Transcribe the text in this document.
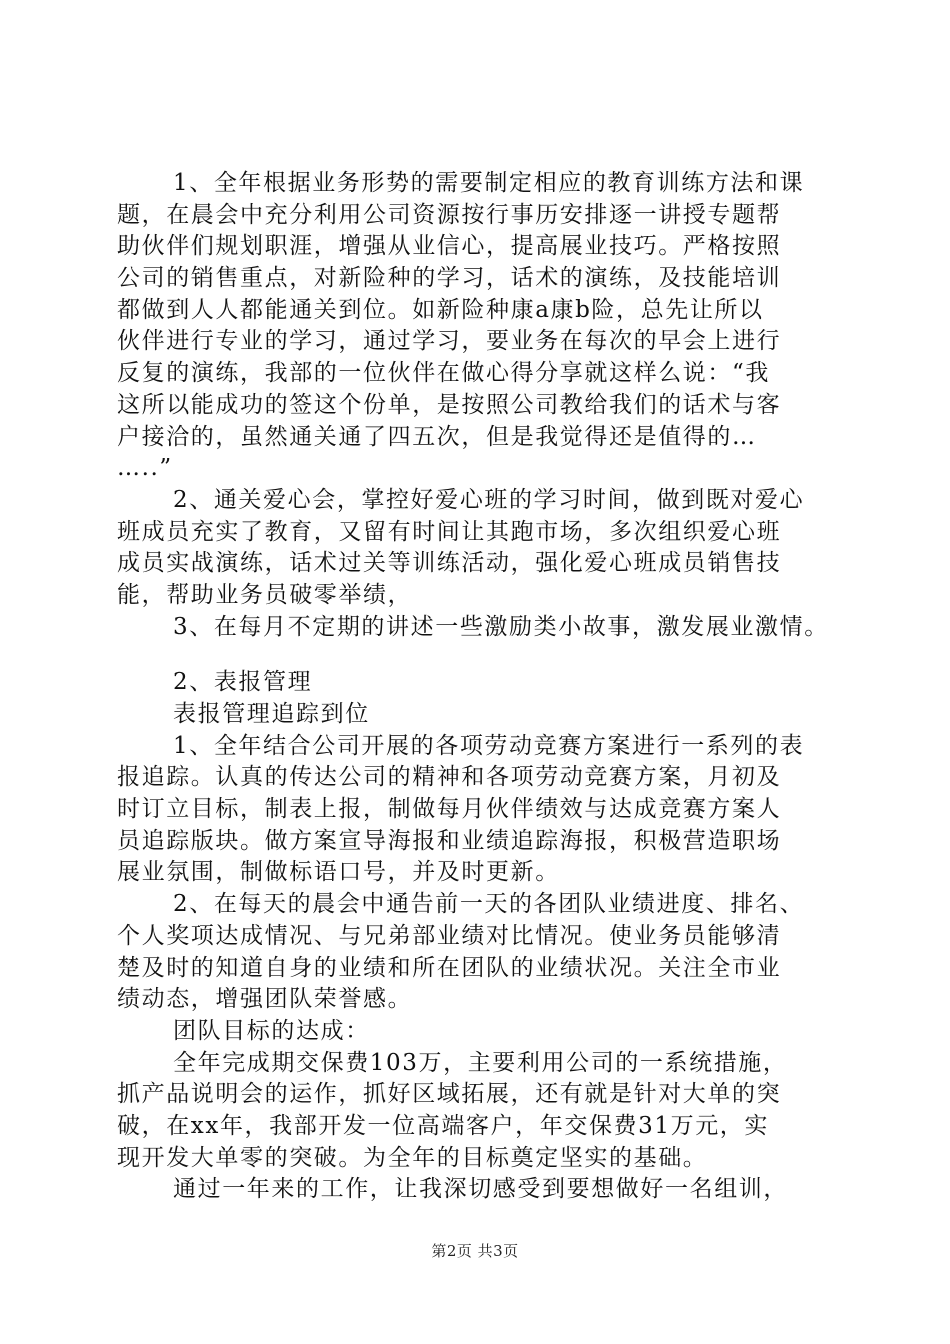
1、全年根据业务形势的需要制定相应的教育训练方法和课
题，在晨会中充分利用公司资源按行事历安排逐一讲授专题帮
助伙伴们规划职涯，增强从业信心，提高展业技巧。严格按照
公司的销售重点，对新险种的学习，话术的演练，及技能培训
都做到人人都能通关到位。如新险种康a康b险，总先让所以
伙伴进行专业的学习，通过学习，要业务在每次的早会上进行
反复的演练，我部的一位伙伴在做心得分享就这样么说：“我
这所以能成功的签这个份单，是按照公司教给我们的话术与客
户接洽的，虽然通关通了四五次，但是我觉得还是值得的…
…..”
2、通关爱心会，掌控好爱心班的学习时间，做到既对爱心
班成员充实了教育，又留有时间让其跑市场，多次组织爱心班
成员实战演练，话术过关等训练活动，强化爱心班成员销售技
能，帮助业务员破零举绩，
3、在每月不定期的讲述一些激励类小故事，激发展业激情。
2、表报管理
表报管理追踪到位
1、全年结合公司开展的各项劳动竞赛方案进行一系列的表
报追踪。认真的传达公司的精神和各项劳动竞赛方案，月初及
时订立目标，制表上报，制做每月伙伴绩效与达成竞赛方案人
员追踪版块。做方案宣导海报和业绩追踪海报，积极营造职场
展业氛围，制做标语口号，并及时更新。
2、在每天的晨会中通告前一天的各团队业绩进度、排名、
个人奖项达成情况、与兄弟部业绩对比情况。使业务员能够清
楚及时的知道自身的业绩和所在团队的业绩状况。关注全市业
绩动态，增强团队荣誉感。
团队目标的达成：
全年完成期交保费103万，主要利用公司的一系统措施，
抓产品说明会的运作，抓好区域拓展，还有就是针对大单的突
破，在xx年，我部开发一位高端客户，年交保费31万元，实
现开发大单零的突破。为全年的目标奠定坚实的基础。
通过一年来的工作，让我深切感受到要想做好一名组训，
第2页 共3页
